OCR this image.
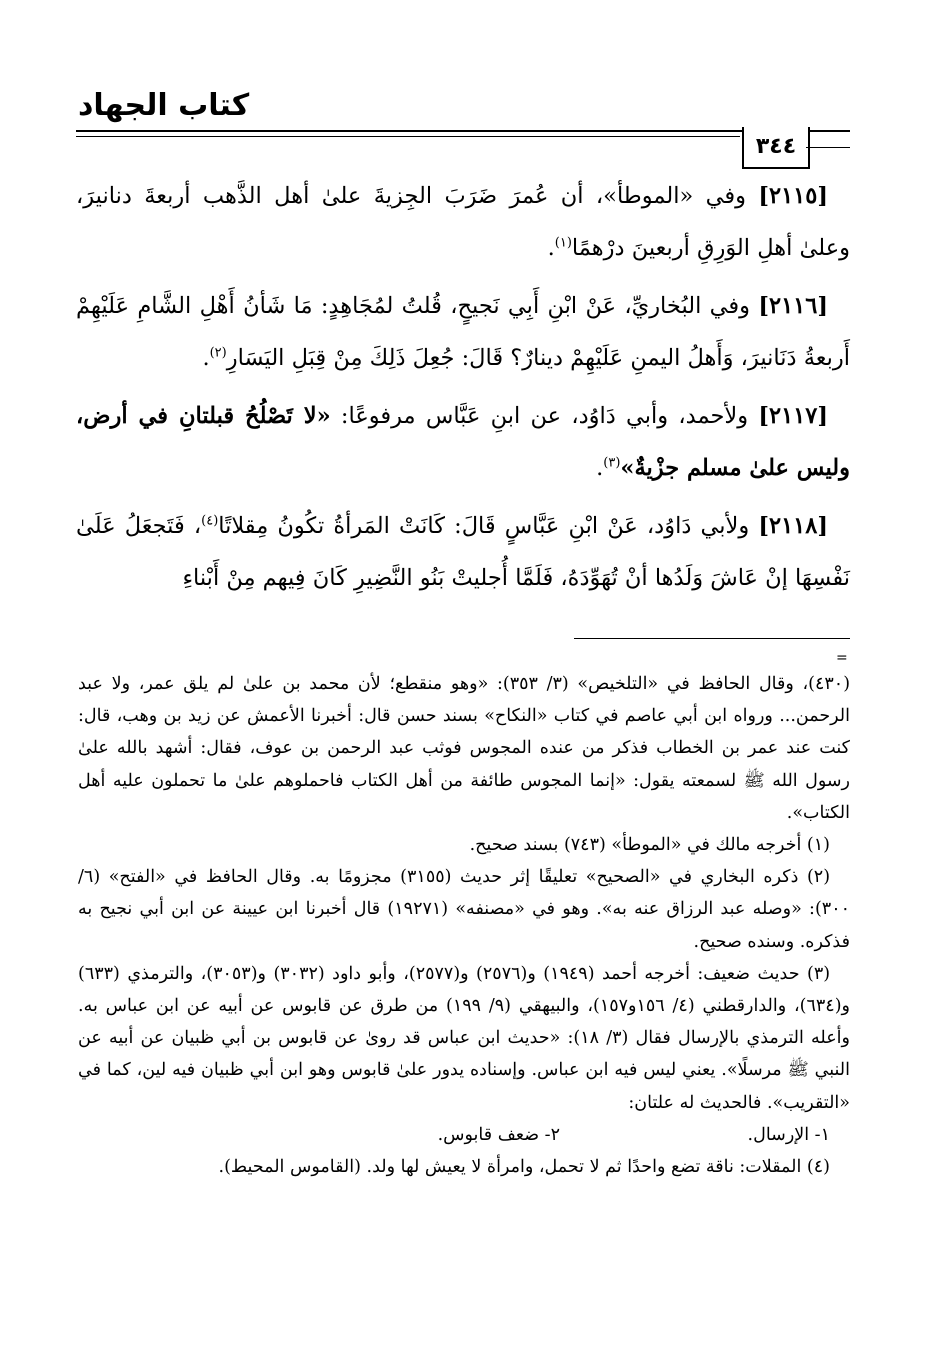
كتاب الجهاد
٣٤٤

[٢١١٥] وفي «الموطأ»، أن عُمرَ ضَرَبَ الجِزيةَ علىٰ أهل الذَّهب أربعةَ دنانيرَ، وعلىٰ أهلِ الوَرِقِ أربعينَ درْهمًا$^{(١)}$.

[٢١١٦] وفي البُخاريِّ، عَنْ ابْنِ أَبِي نَجيحٍ، قُلتُ لمُجَاهِدٍ: مَا شَأنُ أَهْلِ الشَّامِ عَلَيْهِمْ أَربعةُ دَنَانيرَ، وَأَهلُ اليمنِ عَلَيْهِمْ دينارٌ؟ قَالَ: جُعِلَ ذَلِكَ مِنْ قِبَلِ اليَسَارِ$^{(٢)}$.

[٢١١٧] ولأحمد، وأبي دَاوُد، عن ابنِ عَبَّاس مرفوعًا: «لا تَصْلُحُ قبلتانِ في أرض، وليس علىٰ مسلم جزْيةٌ»$^{(٣)}$.

[٢١١٨] ولأبي دَاوُد، عَنْ ابْنِ عَبَّاسٍ قَالَ: كَانَتْ المَرأةُ تكُونُ مِقلاتًا$^{(٤)}$، فَتَجعَلُ عَلَىٰ نَفْسِهَا إنْ عَاشَ وَلَدُها أنْ تُهَوِّدَهُ، فَلَمَّا أُجليتْ بَنُو النَّضِيرِ كَانَ فِيهم مِنْ أَبْناءِ

=

(٤٣٠)، وقال الحافظ في «التلخيص» (٣/ ٣٥٣): «وهو منقطع؛ لأن محمد بن علىٰ لم يلق عمر، ولا عبد الرحمن... ورواه ابن أبي عاصم في كتاب «النكاح» بسند حسن قال: أخبرنا الأعمش عن زيد بن وهب، قال: كنت عند عمر بن الخطاب فذكر من عنده المجوس فوثب عبد الرحمن بن عوف، فقال: أشهد بالله علىٰ رسول الله ﷺ لسمعته يقول: «إنما المجوس طائفة من أهل الكتاب فاحملوهم علىٰ ما تحملون عليه أهل الكتاب».

(١) أخرجه مالك في «الموطأ» (٧٤٣) بسند صحيح.

(٢) ذكره البخاري في «الصحيح» تعليقًا إثر حديث (٣١٥٥) مجزومًا به. وقال الحافظ في «الفتح» (٦/ ٣٠٠): «وصله عبد الرزاق عنه به». وهو في «مصنفه» (١٩٢٧١) قال أخبرنا ابن عيينة عن ابن أبي نجيح به فذكره. وسنده صحيح.

(٣) حديث ضعيف: أخرجه أحمد (١٩٤٩) و(٢٥٧٦) و(٢٥٧٧)، وأبو داود (٣٠٣٢) و(٣٠٥٣)، والترمذي (٦٣٣) و(٦٣٤)، والدارقطني (٤/ ١٥٦و١٥٧)، والبيهقي (٩/ ١٩٩) من طرق عن قابوس عن أبيه عن ابن عباس به. وأعله الترمذي بالإرسال فقال (٣/ ١٨): «حديث ابن عباس قد روىٰ عن قابوس بن أبي ظبيان عن أبيه عن النبي ﷺ مرسلًا». يعني ليس فيه ابن عباس. وإسناده يدور علىٰ قابوس وهو ابن أبي ظبيان فيه لين، كما في «التقريب». فالحديث له علتان:

١- الإرسال.
٢- ضعف قابوس.

(٤) المقلات: ناقة تضع واحدًا ثم لا تحمل، وامرأة لا يعيش لها ولد. (القاموس المحيط).
